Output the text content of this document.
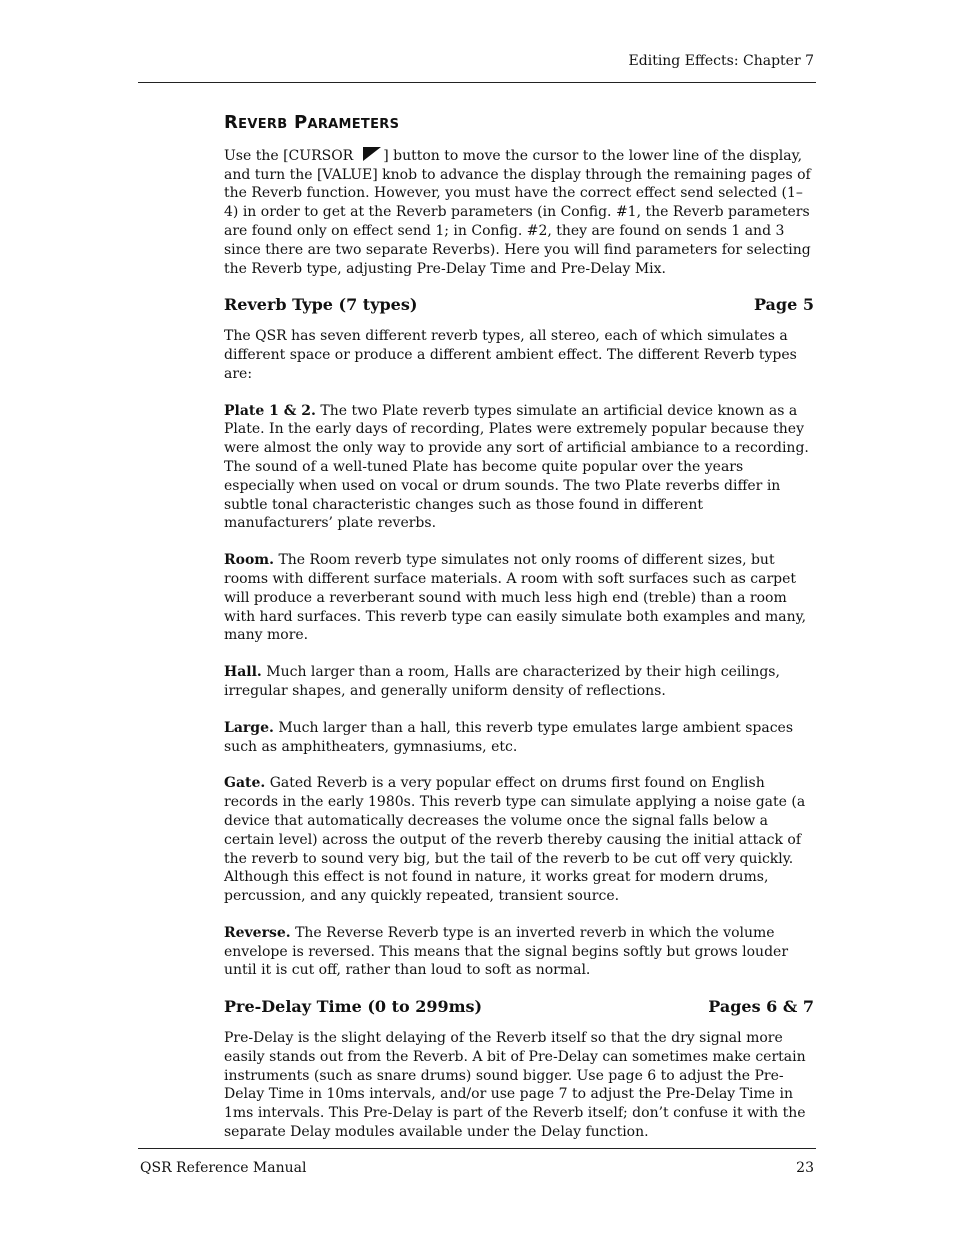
Editing Effects: Chapter 7
Reverb Parameters

Use the [CURSOR ] button to move the cursor to the lower line of the display, and turn the [VALUE] knob to advance the display through the remaining pages of the Reverb function. However, you must have the correct effect send selected (1–4) in order to get at the Reverb parameters (in Config. #1, the Reverb parameters are found only on effect send 1; in Config. #2, they are found on sends 1 and 3 since there are two separate Reverbs). Here you will find parameters for selecting the Reverb type, adjusting Pre-Delay Time and Pre-Delay Mix.

Reverb Type (7 types)	Page 5

The QSR has seven different reverb types, all stereo, each of which simulates a different space or produce a different ambient effect. The different Reverb types are:

Plate 1 & 2. The two Plate reverb types simulate an artificial device known as a Plate. In the early days of recording, Plates were extremely popular because they were almost the only way to provide any sort of artificial ambiance to a recording. The sound of a well-tuned Plate has become quite popular over the years especially when used on vocal or drum sounds. The two Plate reverbs differ in subtle tonal characteristic changes such as those found in different manufacturers’ plate reverbs.

Room. The Room reverb type simulates not only rooms of different sizes, but rooms with different surface materials. A room with soft surfaces such as carpet will produce a reverberant sound with much less high end (treble) than a room with hard surfaces. This reverb type can easily simulate both examples and many, many more.

Hall. Much larger than a room, Halls are characterized by their high ceilings, irregular shapes, and generally uniform density of reflections.

Large. Much larger than a hall, this reverb type emulates large ambient spaces such as amphitheaters, gymnasiums, etc.

Gate. Gated Reverb is a very popular effect on drums first found on English records in the early 1980s. This reverb type can simulate applying a noise gate (a device that automatically decreases the volume once the signal falls below a certain level) across the output of the reverb thereby causing the initial attack of the reverb to sound very big, but the tail of the reverb to be cut off very quickly. Although this effect is not found in nature, it works great for modern drums, percussion, and any quickly repeated, transient source.

Reverse. The Reverse Reverb type is an inverted reverb in which the volume envelope is reversed. This means that the signal begins softly but grows louder until it is cut off, rather than loud to soft as normal.

Pre-Delay Time (0 to 299ms)	Pages 6 & 7

Pre-Delay is the slight delaying of the Reverb itself so that the dry signal more easily stands out from the Reverb. A bit of Pre-Delay can sometimes make certain instruments (such as snare drums) sound bigger. Use page 6 to adjust the Pre-Delay Time in 10ms intervals, and/or use page 7 to adjust the Pre-Delay Time in 1ms intervals. This Pre-Delay is part of the Reverb itself; don’t confuse it with the separate Delay modules available under the Delay function.

QSR Reference Manual	23
